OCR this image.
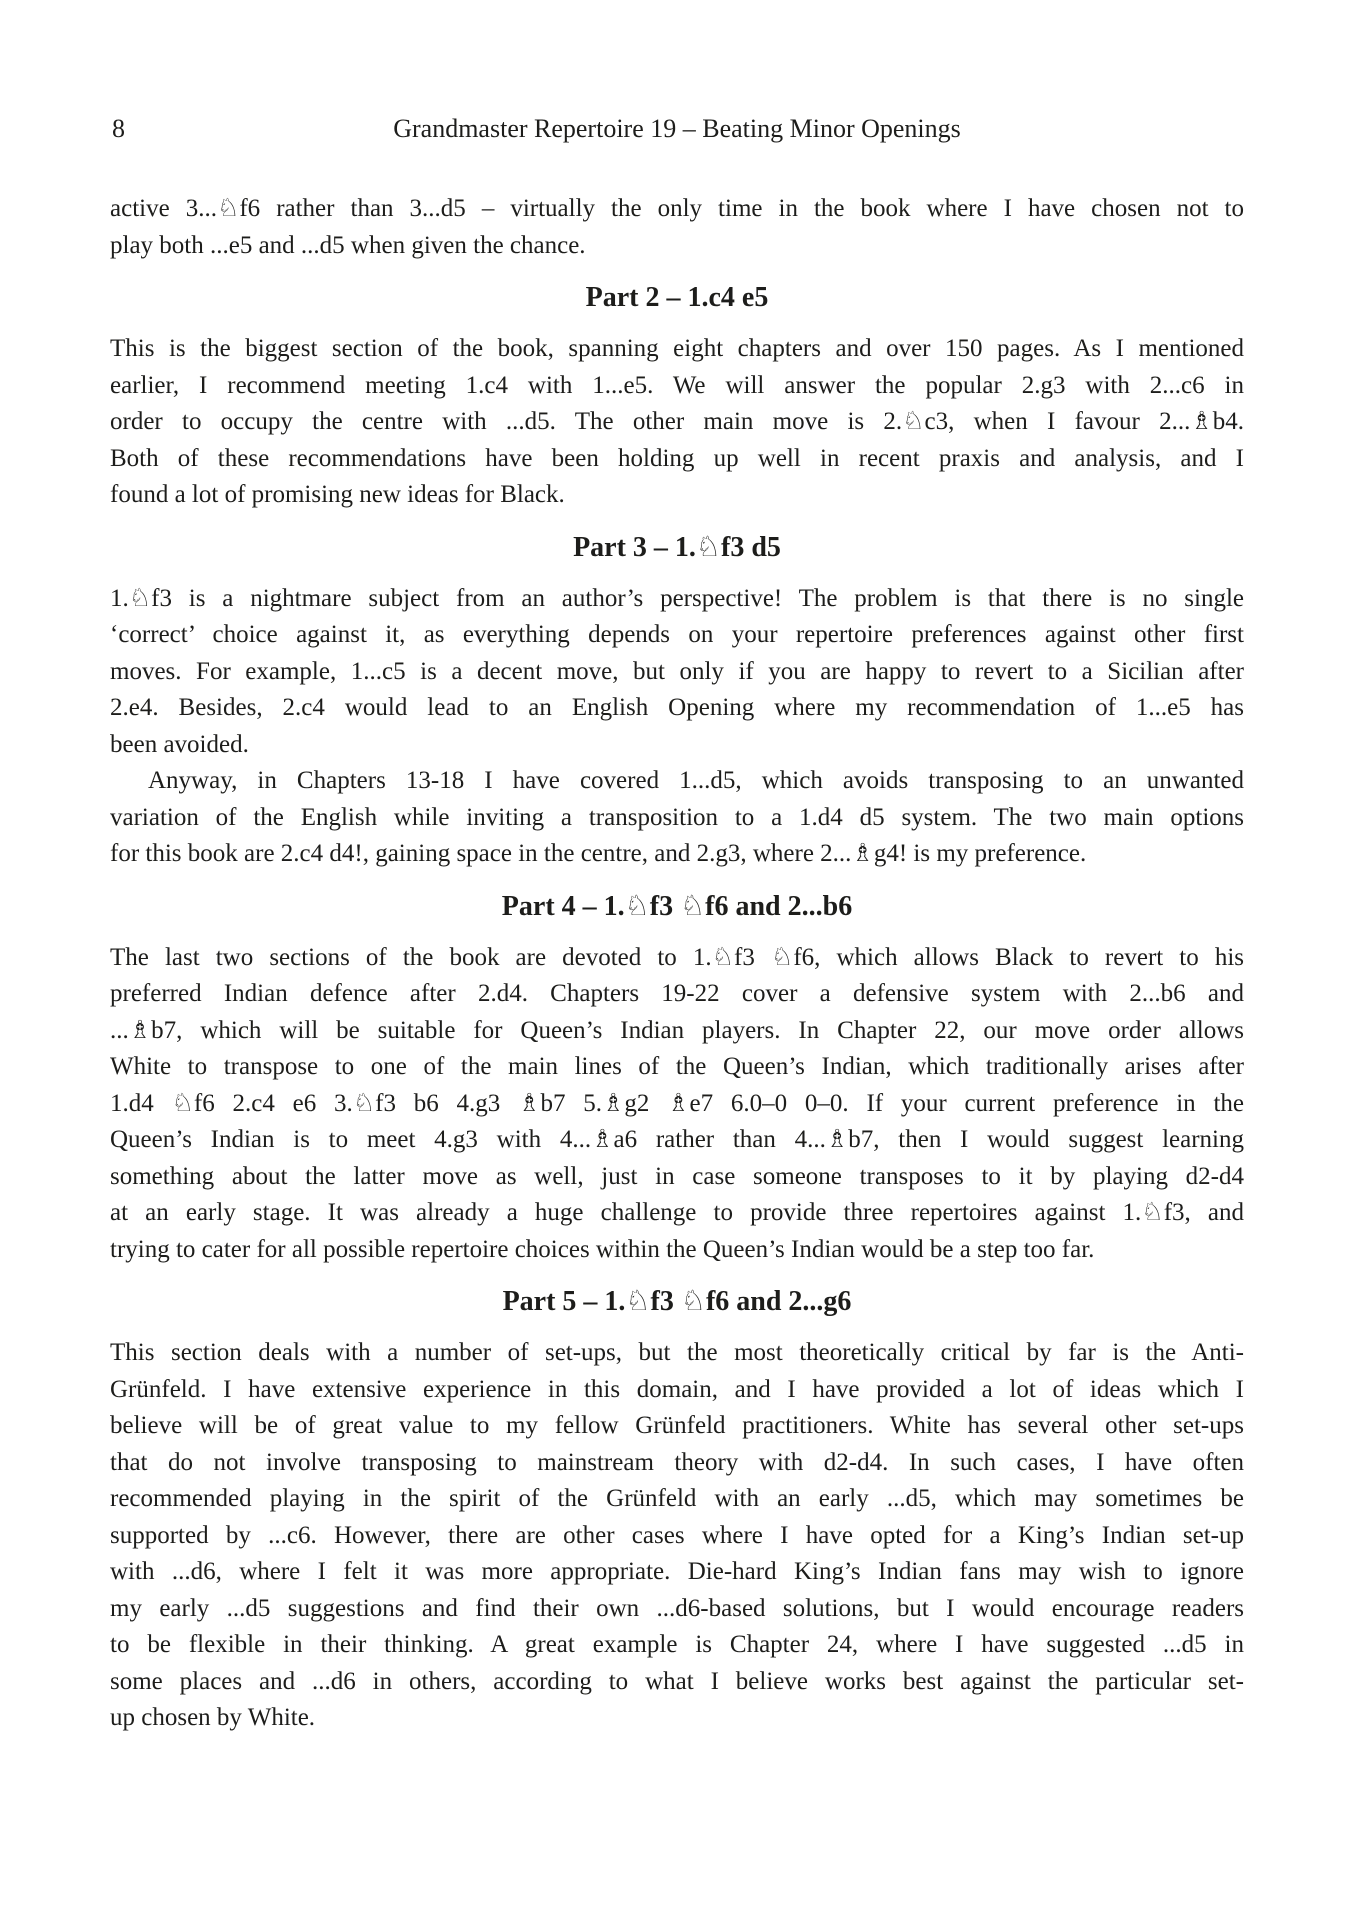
8	Grandmaster Repertoire 19 – Beating Minor Openings
active 3...♘f6 rather than 3...d5 – virtually the only time in the book where I have chosen not to
play both ...e5 and ...d5 when given the chance.
Part 2 – 1.c4 e5
This is the biggest section of the book, spanning eight chapters and over 150 pages. As I mentioned
earlier, I recommend meeting 1.c4 with 1...e5. We will answer the popular 2.g3 with 2...c6 in
order to occupy the centre with ...d5. The other main move is 2.♘c3, when I favour 2...♗b4.
Both of these recommendations have been holding up well in recent praxis and analysis, and I
found a lot of promising new ideas for Black.
Part 3 – 1.♘f3 d5
1.♘f3 is a nightmare subject from an author’s perspective! The problem is that there is no single
‘correct’ choice against it, as everything depends on your repertoire preferences against other first
moves. For example, 1...c5 is a decent move, but only if you are happy to revert to a Sicilian after
2.e4. Besides, 2.c4 would lead to an English Opening where my recommendation of 1...e5 has
been avoided.
Anyway, in Chapters 13-18 I have covered 1...d5, which avoids transposing to an unwanted
variation of the English while inviting a transposition to a 1.d4 d5 system. The two main options
for this book are 2.c4 d4!, gaining space in the centre, and 2.g3, where 2...♗g4! is my preference.
Part 4 – 1.♘f3 ♘f6 and 2...b6
The last two sections of the book are devoted to 1.♘f3 ♘f6, which allows Black to revert to his
preferred Indian defence after 2.d4. Chapters 19-22 cover a defensive system with 2...b6 and
...♗b7, which will be suitable for Queen’s Indian players. In Chapter 22, our move order allows
White to transpose to one of the main lines of the Queen’s Indian, which traditionally arises after
1.d4 ♘f6 2.c4 e6 3.♘f3 b6 4.g3 ♗b7 5.♗g2 ♗e7 6.0–0 0–0. If your current preference in the
Queen’s Indian is to meet 4.g3 with 4...♗a6 rather than 4...♗b7, then I would suggest learning
something about the latter move as well, just in case someone transposes to it by playing d2-d4
at an early stage. It was already a huge challenge to provide three repertoires against 1.♘f3, and
trying to cater for all possible repertoire choices within the Queen’s Indian would be a step too far.
Part 5 – 1.♘f3 ♘f6 and 2...g6
This section deals with a number of set-ups, but the most theoretically critical by far is the Anti-
Grünfeld. I have extensive experience in this domain, and I have provided a lot of ideas which I
believe will be of great value to my fellow Grünfeld practitioners. White has several other set-ups
that do not involve transposing to mainstream theory with d2-d4. In such cases, I have often
recommended playing in the spirit of the Grünfeld with an early ...d5, which may sometimes be
supported by ...c6. However, there are other cases where I have opted for a King’s Indian set-up
with ...d6, where I felt it was more appropriate. Die-hard King’s Indian fans may wish to ignore
my early ...d5 suggestions and find their own ...d6-based solutions, but I would encourage readers
to be flexible in their thinking. A great example is Chapter 24, where I have suggested ...d5 in
some places and ...d6 in others, according to what I believe works best against the particular set-
up chosen by White.
